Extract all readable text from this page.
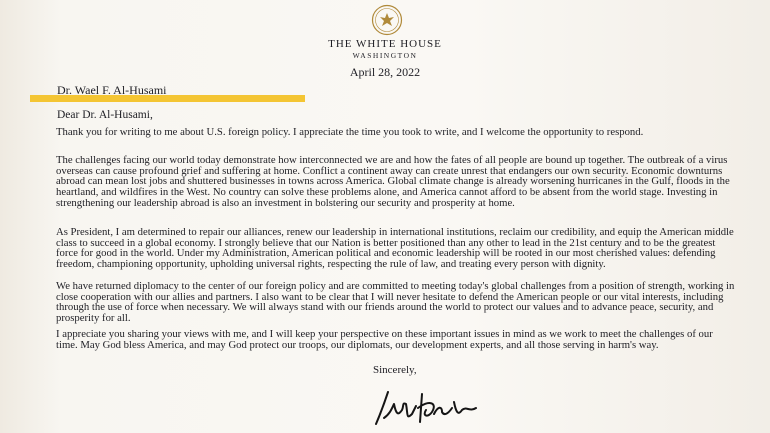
THE WHITE HOUSE
WASHINGTON
April 28, 2022
Dr. Wael F. Al-Husami
Dear Dr. Al-Husami,

Thank you for writing to me about U.S. foreign policy. I appreciate the time you took to write, and I welcome the opportunity to respond.

The challenges facing our world today demonstrate how interconnected we are and how the fates of all people are bound up together. The outbreak of a virus overseas can cause profound grief and suffering at home. Conflict a continent away can create unrest that endangers our own security. Economic downturns abroad can mean lost jobs and shuttered businesses in towns across America. Global climate change is already worsening hurricanes in the Gulf, floods in the heartland, and wildfires in the West. No country can solve these problems alone, and America cannot afford to be absent from the world stage. Investing in strengthening our leadership abroad is also an investment in bolstering our security and prosperity at home.

As President, I am determined to repair our alliances, renew our leadership in international institutions, reclaim our credibility, and equip the American middle class to succeed in a global economy. I strongly believe that our Nation is better positioned than any other to lead in the 21st century and to be the greatest force for good in the world. Under my Administration, American political and economic leadership will be rooted in our most cherished values: defending freedom, championing opportunity, upholding universal rights, respecting the rule of law, and treating every person with dignity.

We have returned diplomacy to the center of our foreign policy and are committed to meeting today's global challenges from a position of strength, working in close cooperation with our allies and partners. I also want to be clear that I will never hesitate to defend the American people or our vital interests, including through the use of force when necessary. We will always stand with our friends around the world to protect our values and to advance peace, security, and prosperity for all.

I appreciate you sharing your views with me, and I will keep your perspective on these important issues in mind as we work to meet the challenges of our time. May God bless America, and may God protect our troops, our diplomats, our development experts, and all those serving in harm's way.

Sincerely,
